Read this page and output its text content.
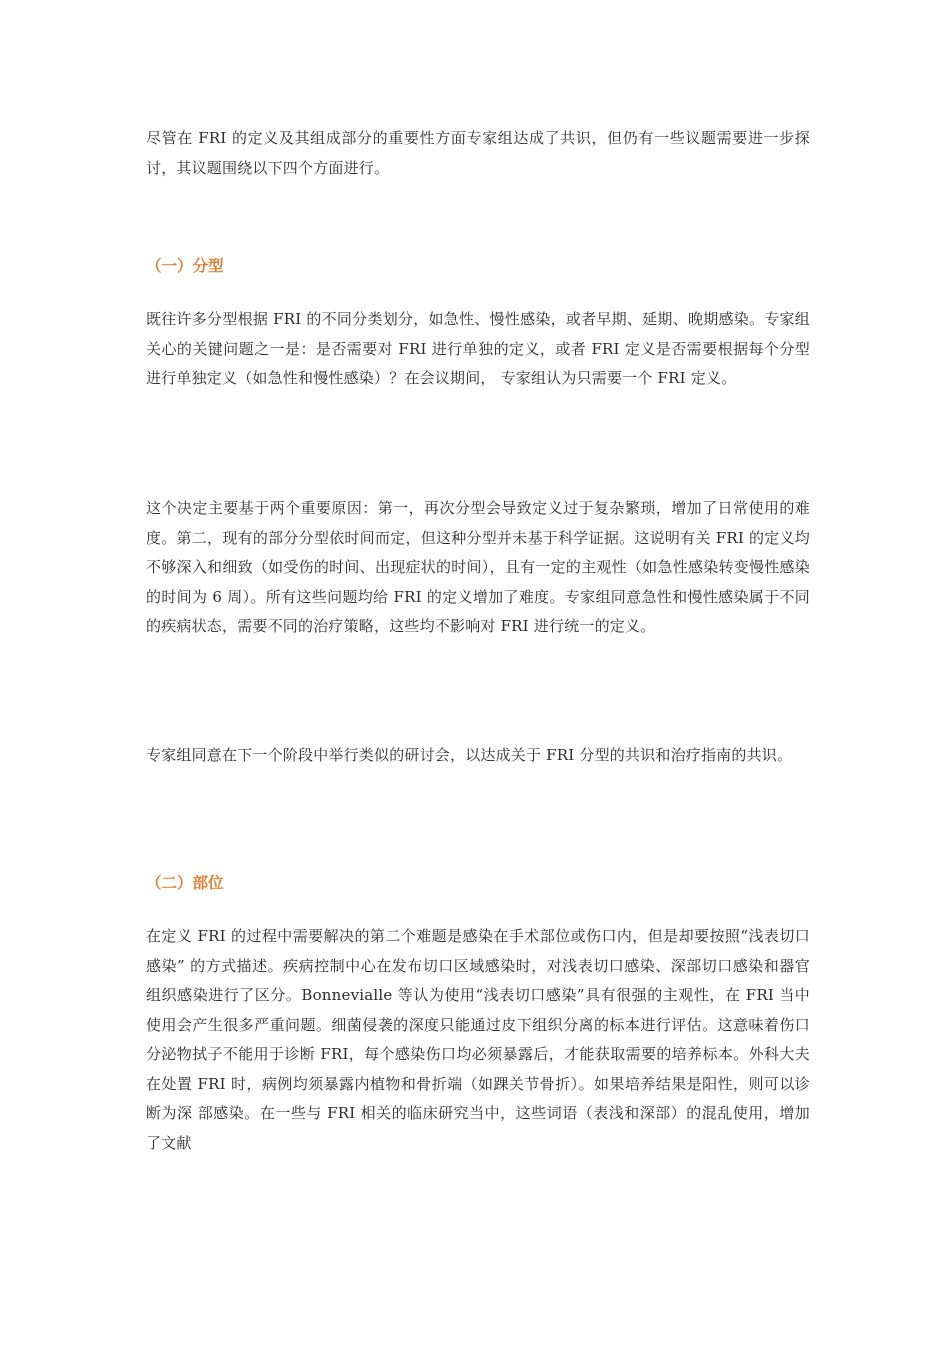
尽管在 FRI 的定义及其组成部分的重要性方面专家组达成了共识，但仍有一些议题需要进一步探讨，其议题围绕以下四个方面进行。

（一）分型

既往许多分型根据 FRI 的不同分类划分，如急性、慢性感染，或者早期、延期、晚期感染。专家组关心的关键问题之一是：是否需要对 FRI 进行单独的定义，或者 FRI 定义是否需要根据每个分型进行单独定义（如急性和慢性感染）？在会议期间， 专家组认为只需要一个 FRI 定义。

这个决定主要基于两个重要原因：第一，再次分型会导致定义过于复杂繁琐，增加了日常使用的难度。第二，现有的部分分型依时间而定，但这种分型并未基于科学证据。这说明有关 FRI 的定义均不够深入和细致（如受伤的时间、出现症状的时间），且有一定的主观性（如急性感染转变慢性感染的时间为 6 周）。所有这些问题均给 FRI 的定义增加了难度。专家组同意急性和慢性感染属于不同的疾病状态，需要不同的治疗策略，这些均不影响对 FRI 进行统一的定义。

专家组同意在下一个阶段中举行类似的研讨会，以达成关于 FRI 分型的共识和治疗指南的共识。

（二）部位

在定义 FRI 的过程中需要解决的第二个难题是感染在手术部位或伤口内，但是却要按照“浅表切口感染” 的方式描述。疾病控制中心在发布切口区域感染时，对浅表切口感染、深部切口感染和器官组织感染进行了区分。Bonnevialle 等认为使用“浅表切口感染”具有很强的主观性，在 FRI 当中使用会产生很多严重问题。细菌侵袭的深度只能通过皮下组织分离的标本进行评估。这意味着伤口分泌物拭子不能用于诊断 FRI，每个感染伤口均必须暴露后，才能获取需要的培养标本。外科大夫在处置 FRI 时，病例均须暴露内植物和骨折端（如踝关节骨折）。如果培养结果是阳性，则可以诊断为深 部感染。在一些与 FRI 相关的临床研究当中，这些词语（表浅和深部）的混乱使用，增加了文献
